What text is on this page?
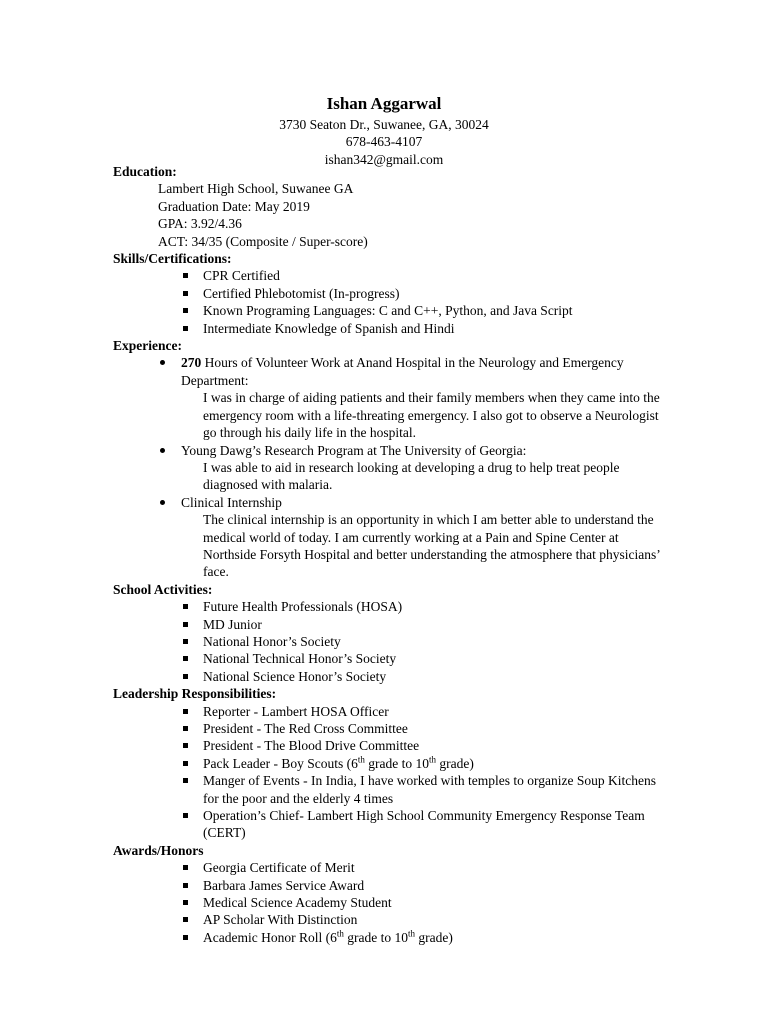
Ishan Aggarwal
3730 Seaton Dr., Suwanee, GA, 30024
678-463-4107
ishan342@gmail.com
Education:
Lambert High School, Suwanee GA
Graduation Date: May 2019
GPA: 3.92/4.36
ACT: 34/35 (Composite / Super-score)
Skills/Certifications:
CPR Certified
Certified Phlebotomist (In-progress)
Known Programing Languages: C and C++, Python, and Java Script
Intermediate Knowledge of Spanish and Hindi
Experience:
270 Hours of Volunteer Work at Anand Hospital in the Neurology and Emergency Department:
I was in charge of aiding patients and their family members when they came into the emergency room with a life-threating emergency. I also got to observe a Neurologist go through his daily life in the hospital.
Young Dawg’s Research Program at The University of Georgia:
I was able to aid in research looking at developing a drug to help treat people diagnosed with malaria.
Clinical Internship
The clinical internship is an opportunity in which I am better able to understand the medical world of today. I am currently working at a Pain and Spine Center at Northside Forsyth Hospital and better understanding the atmosphere that physicians’ face.
School Activities:
Future Health Professionals (HOSA)
MD Junior
National Honor’s Society
National Technical Honor’s Society
National Science Honor’s Society
Leadership Responsibilities:
Reporter - Lambert HOSA Officer
President - The Red Cross Committee
President - The Blood Drive Committee
Pack Leader - Boy Scouts (6th grade to 10th grade)
Manger of Events - In India, I have worked with temples to organize Soup Kitchens for the poor and the elderly 4 times
Operation’s Chief- Lambert High School Community Emergency Response Team (CERT)
Awards/Honors
Georgia Certificate of Merit
Barbara James Service Award
Medical Science Academy Student
AP Scholar With Distinction
Academic Honor Roll (6th grade to 10th grade)
